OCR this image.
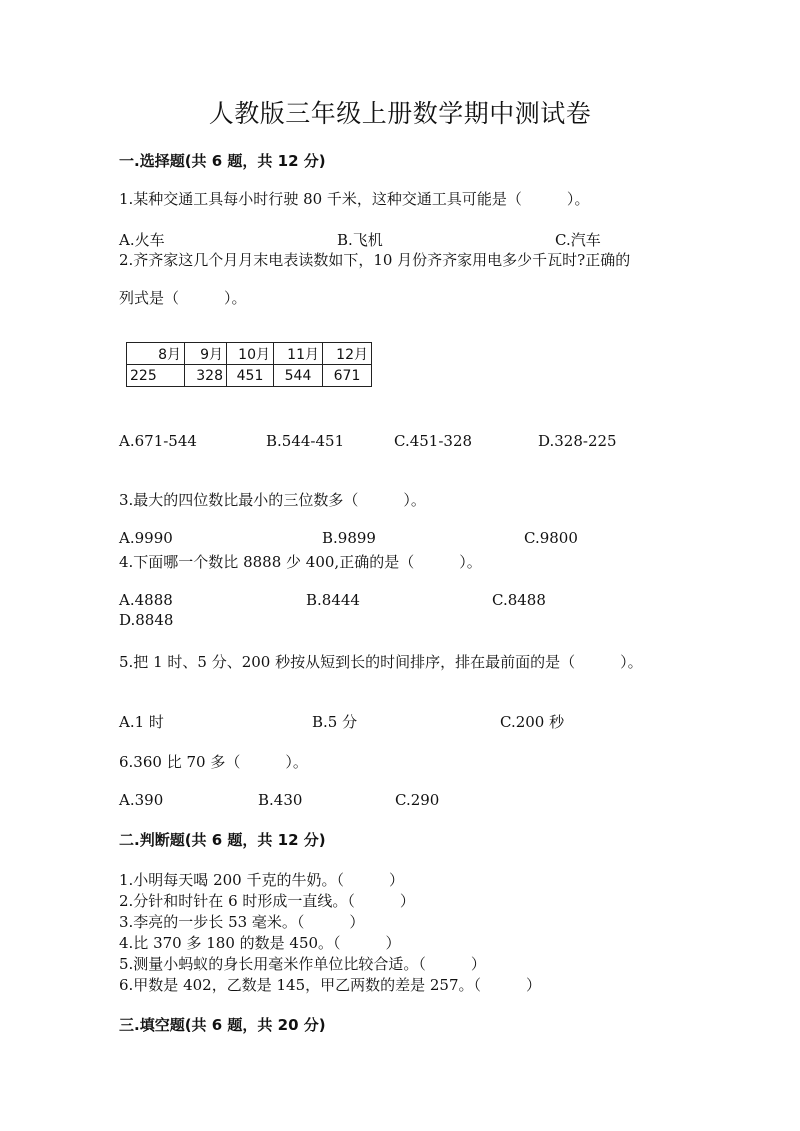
人教版三年级上册数学期中测试卷
一.选择题(共 6 题，共 12 分)
1.某种交通工具每小时行驶 80 千米，这种交通工具可能是（　　　）。
A.火车	B.飞机	C.汽车
2.齐齐家这几个月月末电表读数如下，10 月份齐齐家用电多少千瓦时?正确的
列式是（　　　）。
8月	9月	10月	11月	12月
225	328	451	544	671
A.671-544	B.544-451	C.451-328	D.328-225
3.最大的四位数比最小的三位数多（　　　）。
A.9990	B.9899	C.9800
4.下面哪一个数比 8888 少 400,正确的是（　　　）。
A.4888	B.8444	C.8488
D.8848
5.把 1 时、5 分、200 秒按从短到长的时间排序，排在最前面的是（　　　）。
A.1 时	B.5 分	C.200 秒
6.360 比 70 多（　　　）。
A.390	B.430	C.290
二.判断题(共 6 题，共 12 分)
1.小明每天喝 200 千克的牛奶。（　　　）
2.分针和时针在 6 时形成一直线。（　　　）
3.李亮的一步长 53 毫米。（　　　）
4.比 370 多 180 的数是 450。（　　　）
5.测量小蚂蚁的身长用毫米作单位比较合适。（　　　）
6.甲数是 402，乙数是 145，甲乙两数的差是 257。（　　　）
三.填空题(共 6 题，共 20 分)
